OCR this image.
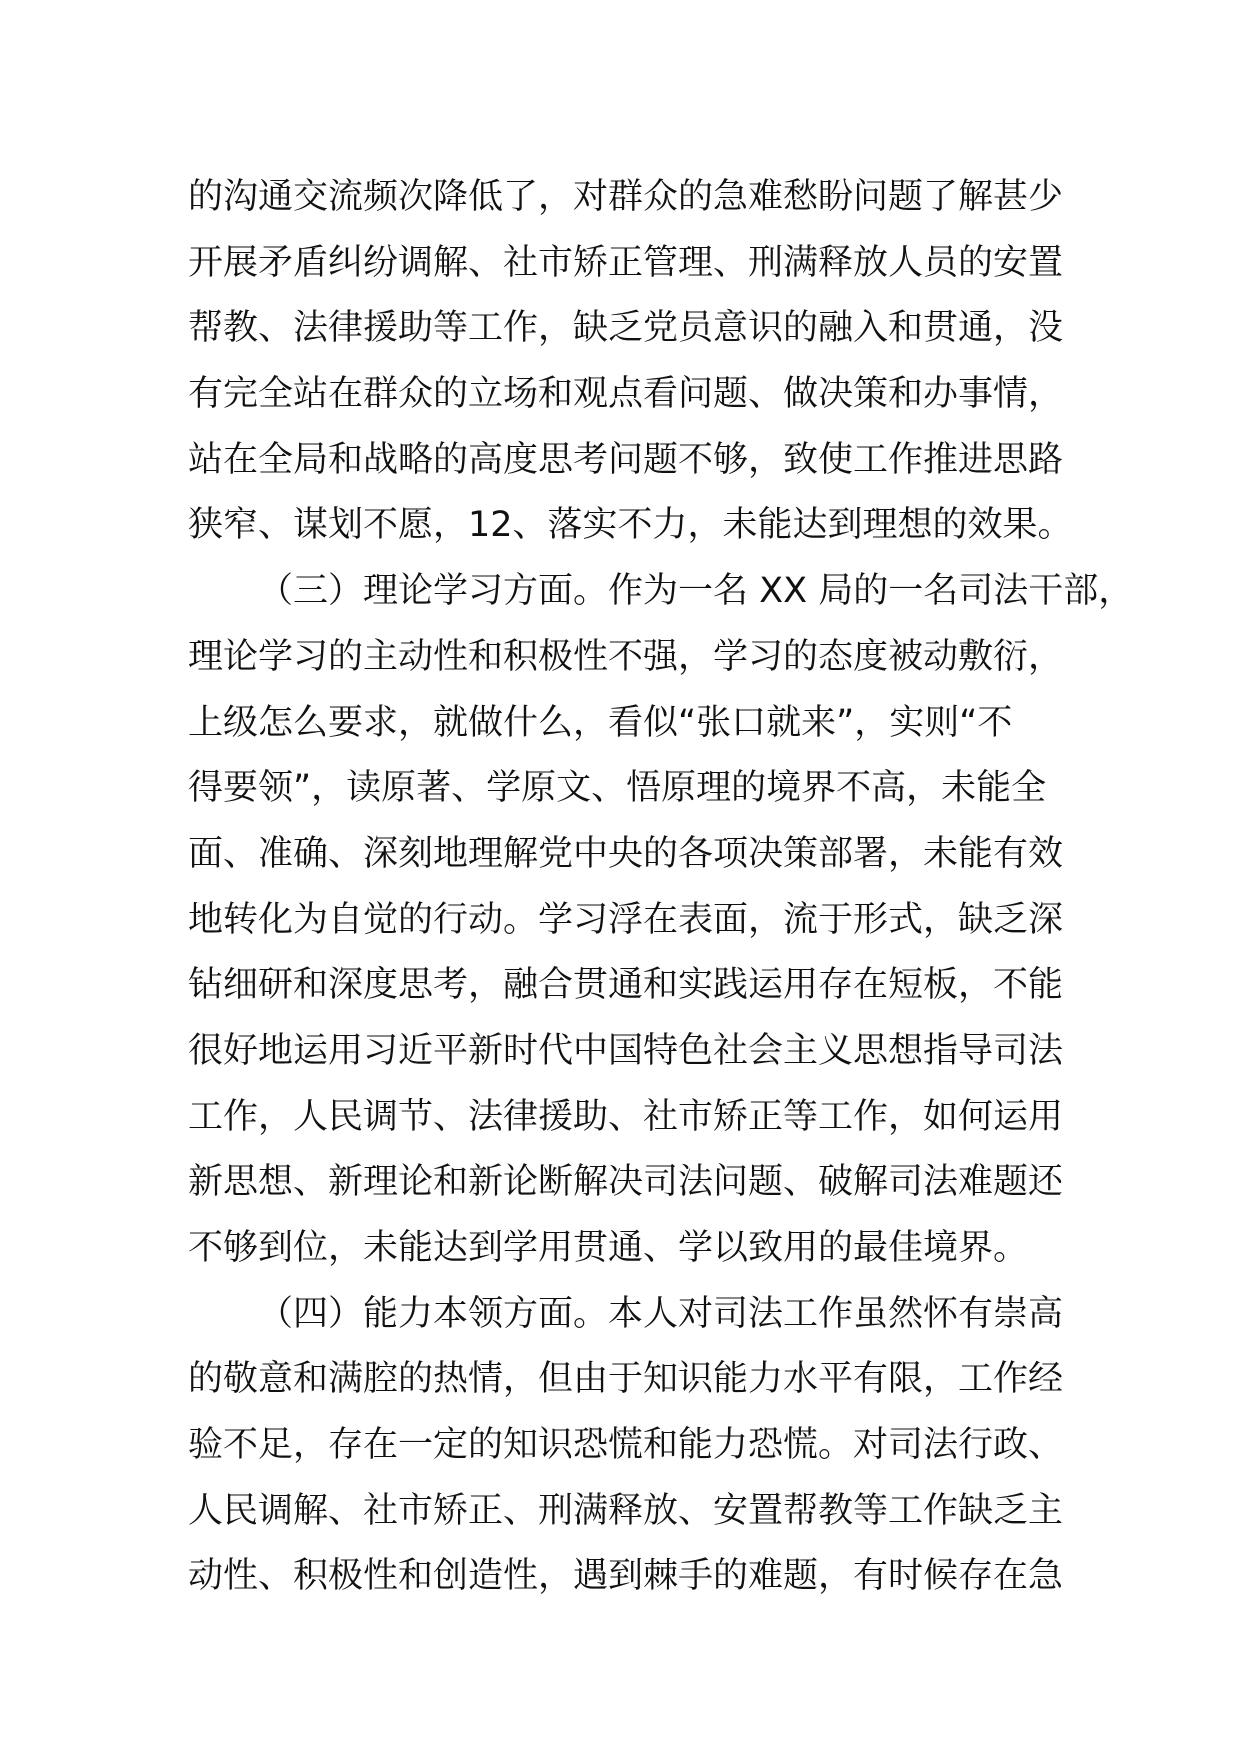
的沟通交流频次降低了，对群众的急难愁盼问题了解甚少
开展矛盾纠纷调解、社市矫正管理、刑满释放人员的安置
帮教、法律援助等工作，缺乏党员意识的融入和贯通，没
有完全站在群众的立场和观点看问题、做决策和办事情，
站在全局和战略的高度思考问题不够，致使工作推进思路
狭窄、谋划不愿，12、落实不力，未能达到理想的效果。
（三）理论学习方面。作为一名 XX 局的一名司法干部，
理论学习的主动性和积极性不强，学习的态度被动敷衍，
上级怎么要求，就做什么，看似“张口就来”，实则“不
得要领”，读原著、学原文、悟原理的境界不高，未能全
面、准确、深刻地理解党中央的各项决策部署，未能有效
地转化为自觉的行动。学习浮在表面，流于形式，缺乏深
钻细研和深度思考，融合贯通和实践运用存在短板，不能
很好地运用习近平新时代中国特色社会主义思想指导司法
工作，人民调节、法律援助、社市矫正等工作，如何运用
新思想、新理论和新论断解决司法问题、破解司法难题还
不够到位，未能达到学用贯通、学以致用的最佳境界。
（四）能力本领方面。本人对司法工作虽然怀有崇高
的敬意和满腔的热情，但由于知识能力水平有限，工作经
验不足，存在一定的知识恐慌和能力恐慌。对司法行政、
人民调解、社市矫正、刑满释放、安置帮教等工作缺乏主
动性、积极性和创造性，遇到棘手的难题，有时候存在急
